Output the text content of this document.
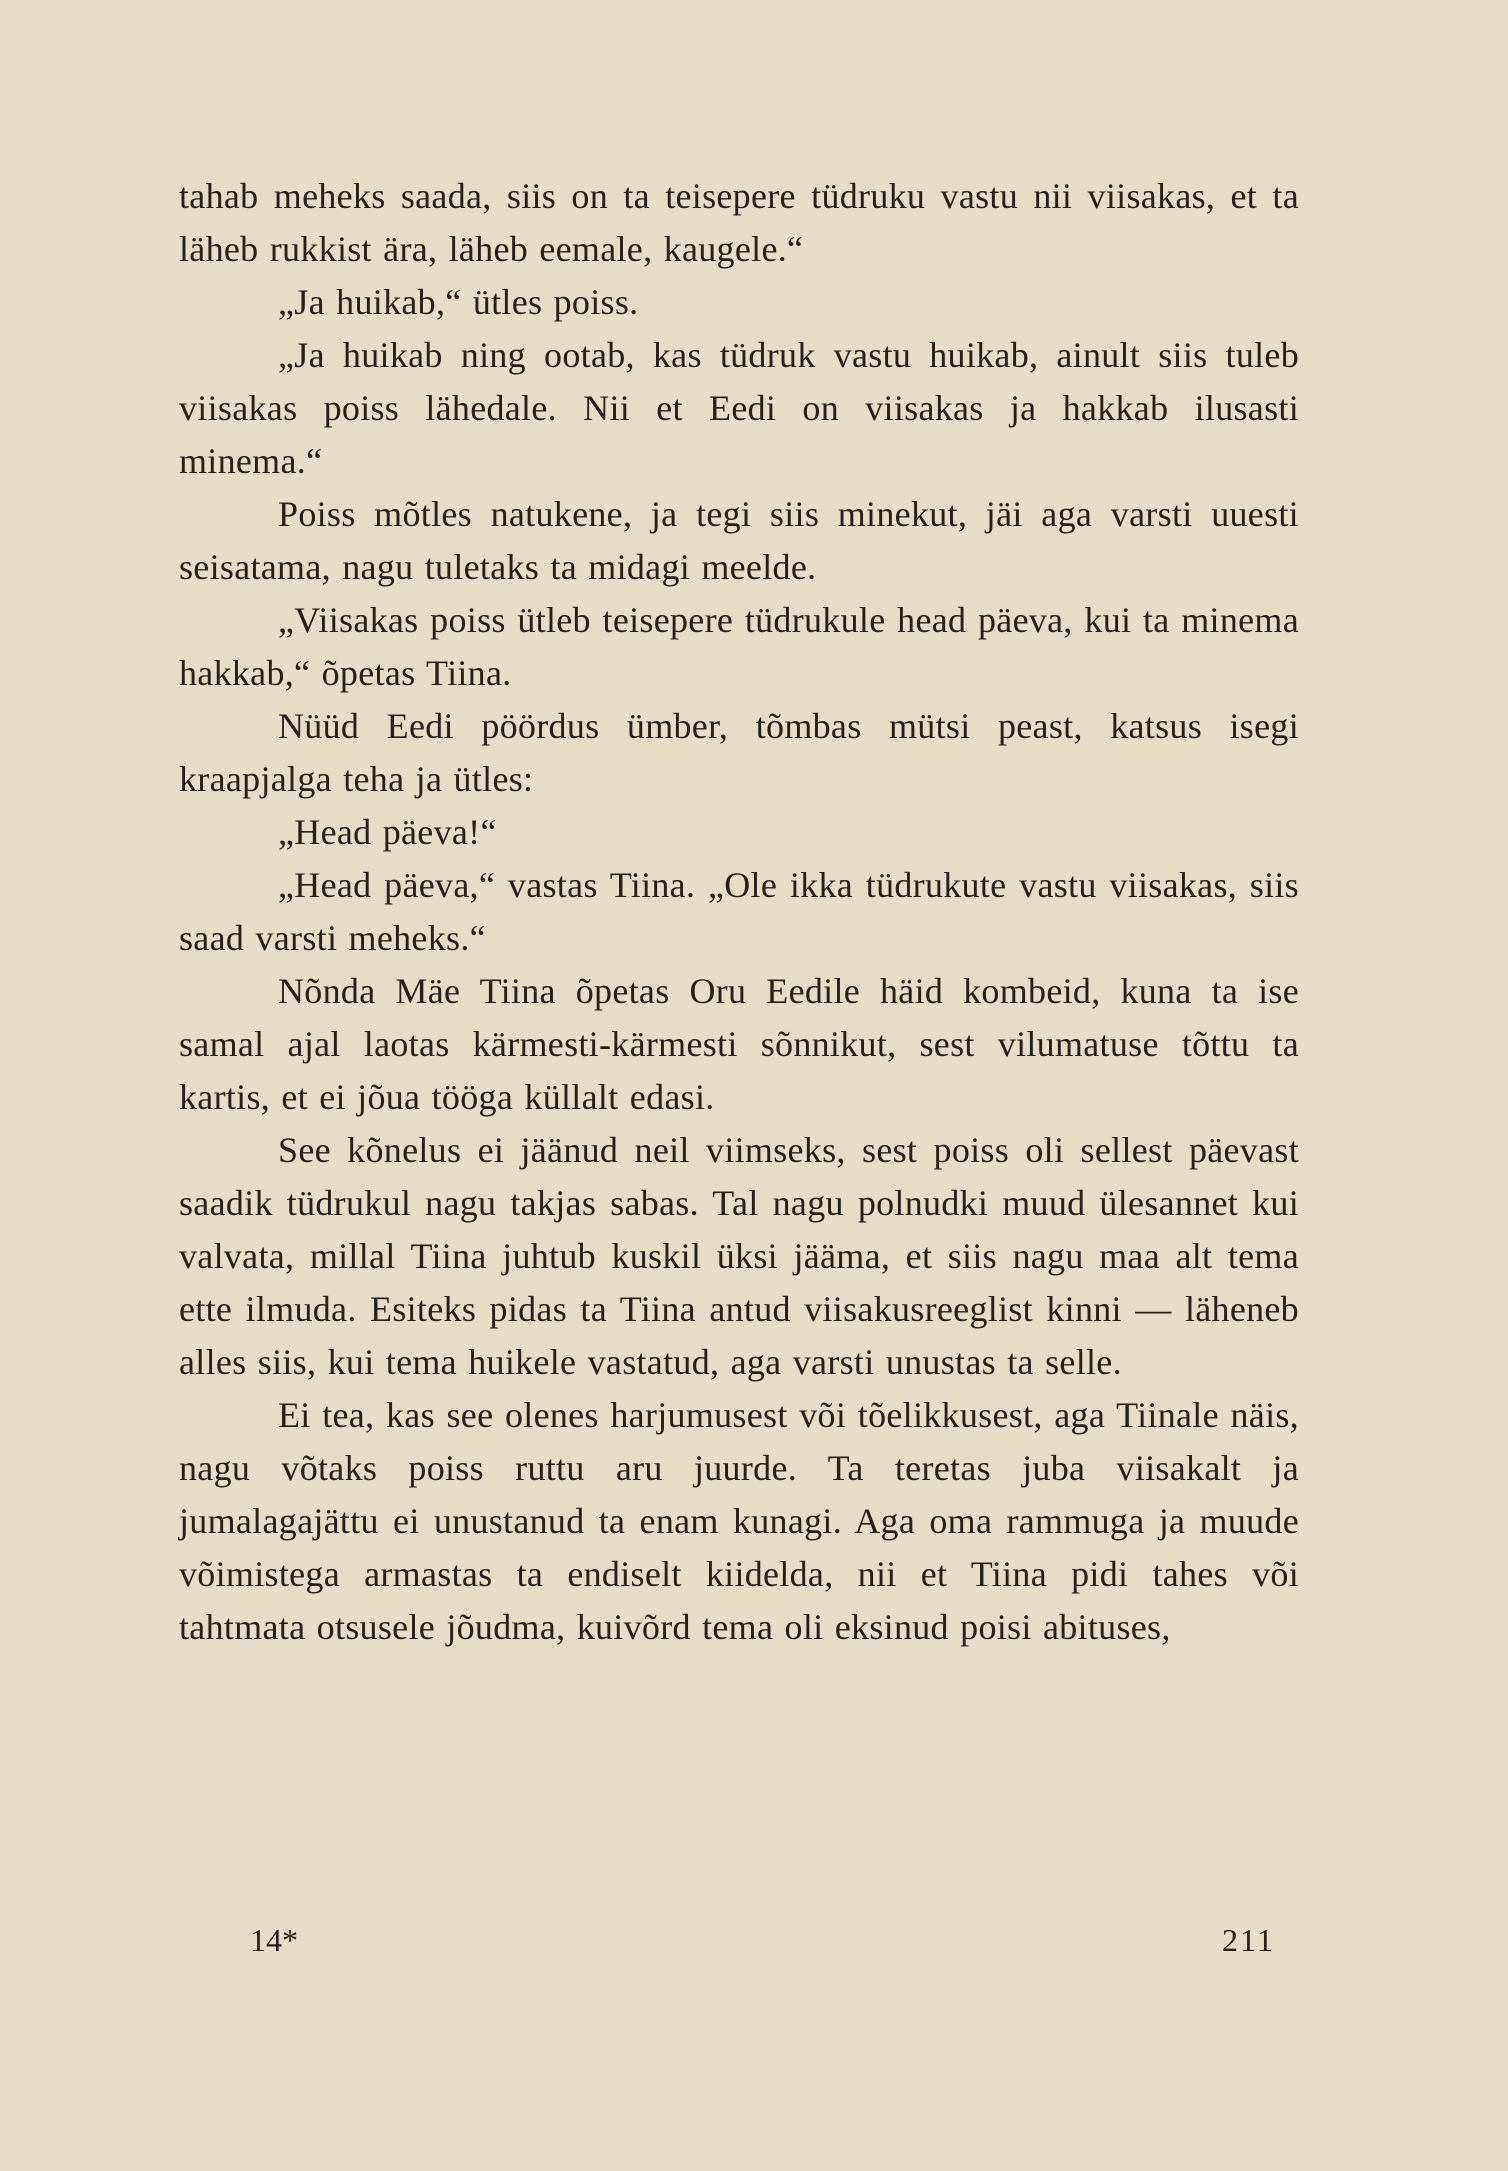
tahab meheks saada, siis on ta teisepere tüdruku vastu nii viisakas, et ta läheb rukkist ära, läheb eemale, kaugele.“

„Ja huikab,“ ütles poiss.

„Ja huikab ning ootab, kas tüdruk vastu huikab, ainult siis tuleb viisakas poiss lähedale. Nii et Eedi on viisakas ja hakkab ilusasti minema.“

Poiss mõtles natukene, ja tegi siis minekut, jäi aga varsti uuesti seisatama, nagu tuletaks ta midagi meelde.

„Viisakas poiss ütleb teisepere tüdrukule head päeva, kui ta minema hakkab,“ õpetas Tiina.

Nüüd Eedi pöördus ümber, tõmbas mütsi peast, katsus isegi kraapjalga teha ja ütles:

„Head päeva!“

„Head päeva,“ vastas Tiina. „Ole ikka tüdrukute vastu viisakas, siis saad varsti meheks.“

Nõnda Mäe Tiina õpetas Oru Eedile häid kombeid, kuna ta ise samal ajal laotas kärmesti-kärmesti sõnnikut, sest vilumatuse tõttu ta kartis, et ei jõua tööga küllalt edasi.

See kõnelus ei jäänud neil viimseks, sest poiss oli sellest päevast saadik tüdrukul nagu takjas sabas. Tal nagu polnudki muud ülesannet kui valvata, millal Tiina juhtub kuskil üksi jääma, et siis nagu maa alt tema ette ilmuda. Esiteks pidas ta Tiina antud viisakusreeglist kinni — läheneb alles siis, kui tema huikele vastatud, aga varsti unustas ta selle.

Ei tea, kas see olenes harjumusest või tõelikkusest, aga Tiinale näis, nagu võtaks poiss ruttu aru juurde. Ta teretas juba viisakalt ja jumalagajättu ei unustanud ta enam kunagi. Aga oma rammuga ja muude võimistega armastas ta endiselt kiidelda, nii et Tiina pidi tahes või tahtmata otsusele jõudma, kuivõrd tema oli eksinud poisi abituses,

14*	211
